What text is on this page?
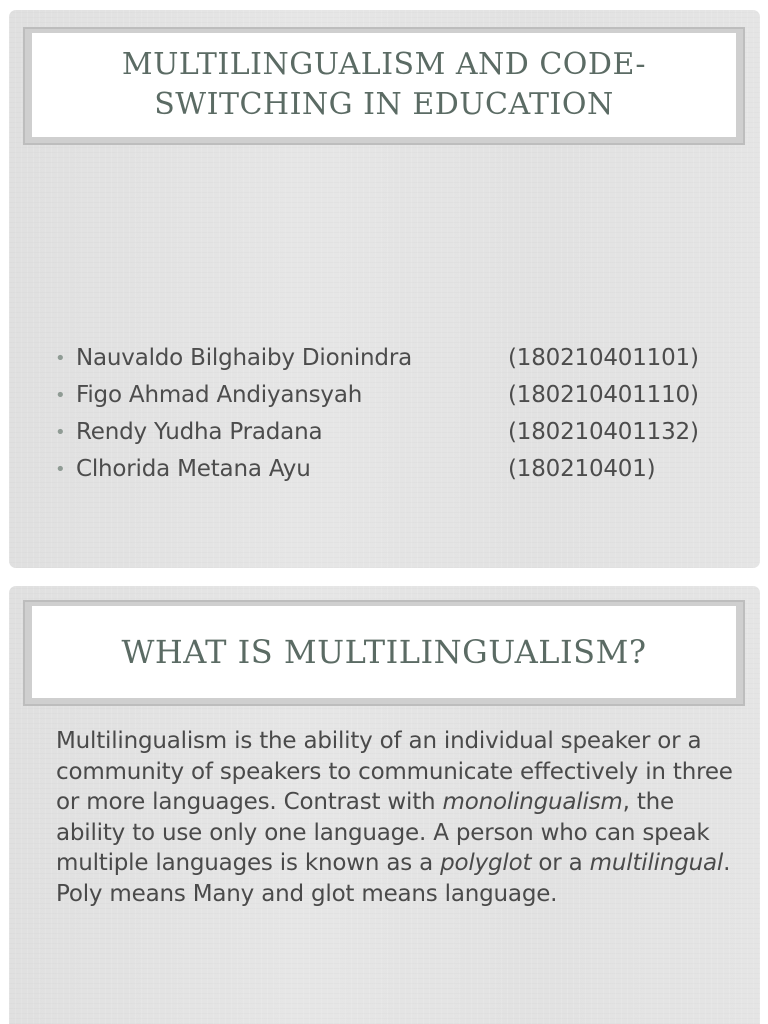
MULTILINGUALISM AND CODE-
SWITCHING IN EDUCATION
• Nauvaldo Bilghaiby Dionindra	(180210401101)
• Figo Ahmad Andiyansyah	(180210401110)
• Rendy Yudha Pradana	(180210401132)
• Clhorida Metana Ayu	(180210401)
WHAT IS MULTILINGUALISM?

Multilingualism is the ability of an individual speaker or a community of speakers to communicate effectively in three or more languages. Contrast with monolingualism, the ability to use only one language. A person who can speak multiple languages is known as a polyglot or a multilingual. Poly means Many and glot means language.
